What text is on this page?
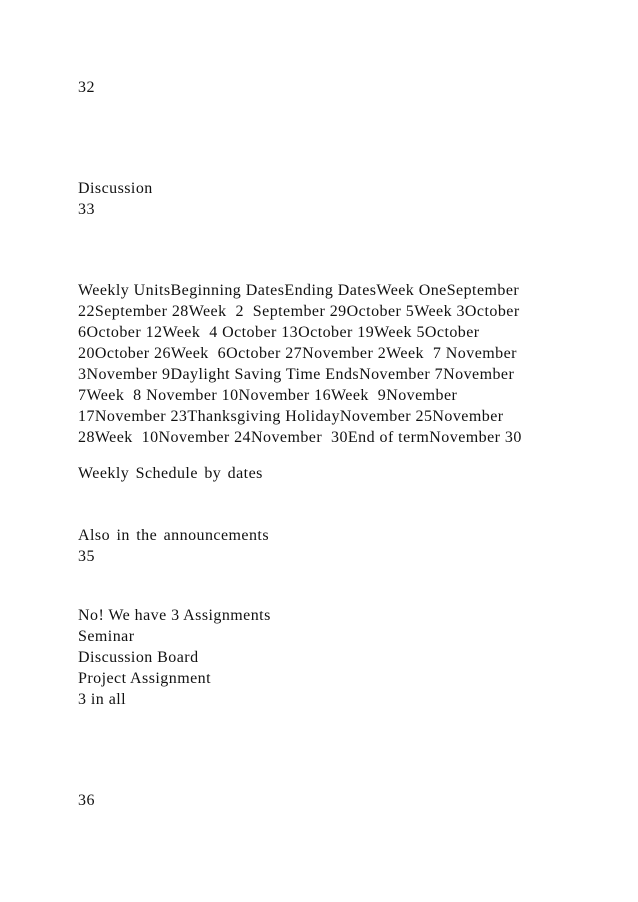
32
Discussion
33
Weekly UnitsBeginning DatesEnding DatesWeek OneSeptember
22September 28Week  2  September 29October 5Week 3October
6October 12Week  4 October 13October 19Week 5October
20October 26Week  6October 27November 2Week  7 November
3November 9Daylight Saving Time EndsNovember 7November
7Week  8 November 10November 16Week  9November
17November 23Thanksgiving HolidayNovember 25November
28Week  10November 24November  30End of termNovember 30
Weekly Schedule by dates
Also in the announcements
35
No! We have 3 Assignments
Seminar
Discussion Board
Project Assignment
3 in all
36
